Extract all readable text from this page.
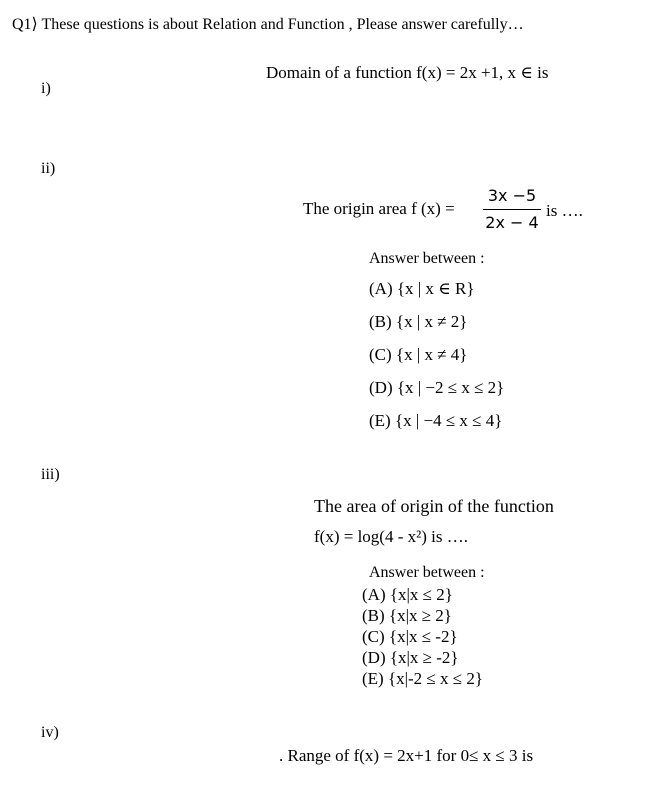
Q1⟩ These questions is about Relation and Function , Please answer carefully…
i)
Domain of a function f(x) = 2x +1, x ∈ is
ii)
The origin area f (x) =
3x −5
2x − 4
is ….
Answer between :
(A) {x | x ∈ R}
(B) {x | x ≠ 2}
(C) {x | x ≠ 4}
(D) {x | −2 ≤ x ≤ 2}
(E) {x | −4 ≤ x ≤ 4}
iii)
The area of origin of the function
f(x) = log(4 - x²) is ….
Answer between :
(A) {x|x ≤ 2}
(B) {x|x ≥ 2}
(C) {x|x ≤ -2}
(D) {x|x ≥ -2}
(E) {x|-2 ≤ x ≤ 2}
iv)
. Range of f(x) = 2x+1 for 0≤ x ≤ 3 is
